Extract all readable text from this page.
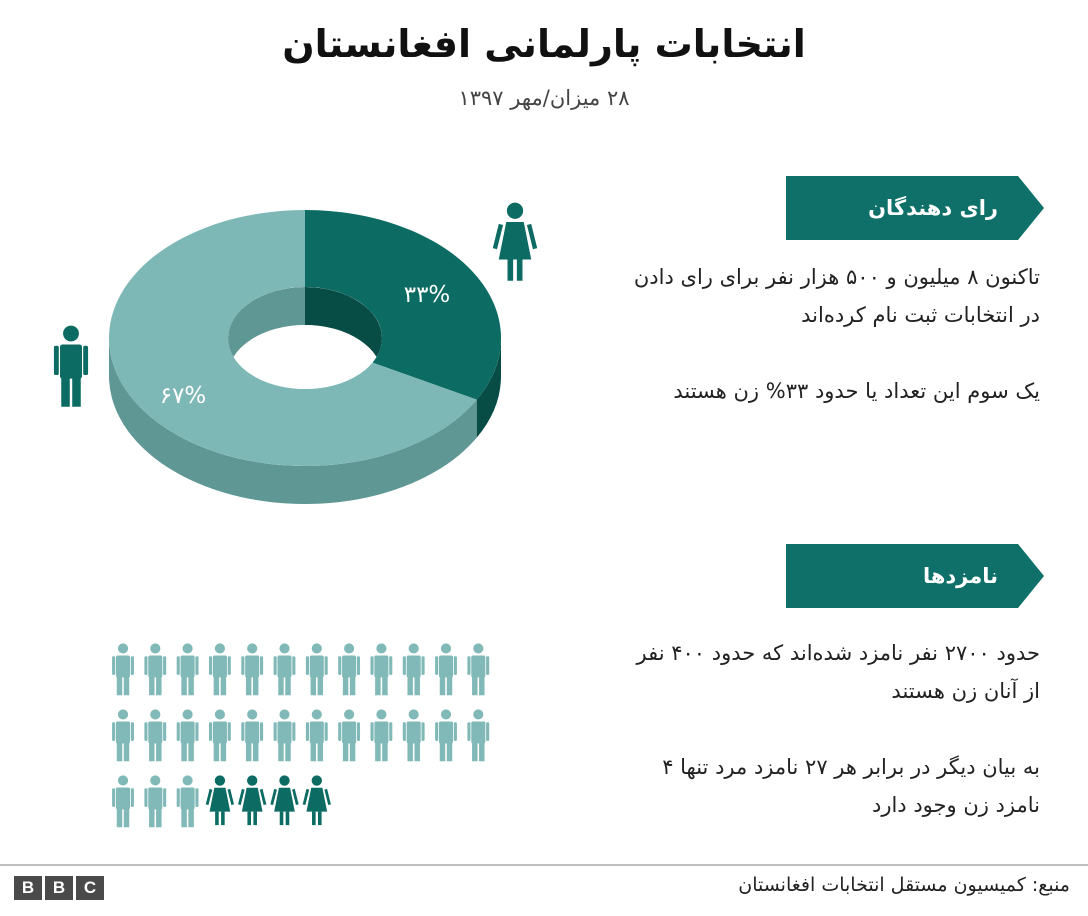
انتخابات پارلمانی افغانستان
۲۸ میزان/مهر ۱۳۹۷
۳۳%
۶۷%
رای دهندگان
تاکنون ۸ میلیون و ۵۰۰ هزار نفر برای رای دادن در انتخابات ثبت نام کرده‌اند
یک سوم این تعداد یا حدود ۳۳% زن هستند
نامزدها
حدود ۲۷۰۰ نفر نامزد شده‌اند که حدود ۴۰۰ نفر از آنان زن هستند
به بیان دیگر در برابر هر ۲۷ نامزد مرد تنها ۴ نامزد زن وجود دارد
B	B	C	منبع: کمیسیون مستقل انتخابات افغانستان
